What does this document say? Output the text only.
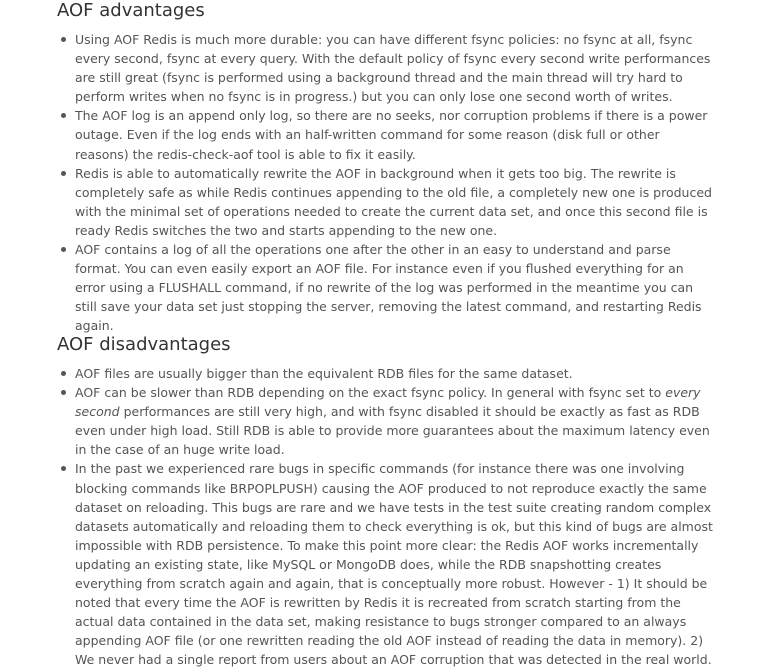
AOF advantages
Using AOF Redis is much more durable: you can have different fsync policies: no fsync at all, fsync every second, fsync at every query. With the default policy of fsync every second write performances are still great (fsync is performed using a background thread and the main thread will try hard to perform writes when no fsync is in progress.) but you can only lose one second worth of writes.
The AOF log is an append only log, so there are no seeks, nor corruption problems if there is a power outage. Even if the log ends with an half-written command for some reason (disk full or other reasons) the redis-check-aof tool is able to fix it easily.
Redis is able to automatically rewrite the AOF in background when it gets too big. The rewrite is completely safe as while Redis continues appending to the old file, a completely new one is produced with the minimal set of operations needed to create the current data set, and once this second file is ready Redis switches the two and starts appending to the new one.
AOF contains a log of all the operations one after the other in an easy to understand and parse format. You can even easily export an AOF file. For instance even if you flushed everything for an error using a FLUSHALL command, if no rewrite of the log was performed in the meantime you can still save your data set just stopping the server, removing the latest command, and restarting Redis again.
AOF disadvantages
AOF files are usually bigger than the equivalent RDB files for the same dataset.
AOF can be slower than RDB depending on the exact fsync policy. In general with fsync set to every second performances are still very high, and with fsync disabled it should be exactly as fast as RDB even under high load. Still RDB is able to provide more guarantees about the maximum latency even in the case of an huge write load.
In the past we experienced rare bugs in specific commands (for instance there was one involving blocking commands like BRPOPLPUSH) causing the AOF produced to not reproduce exactly the same dataset on reloading. This bugs are rare and we have tests in the test suite creating random complex datasets automatically and reloading them to check everything is ok, but this kind of bugs are almost impossible with RDB persistence. To make this point more clear: the Redis AOF works incrementally updating an existing state, like MySQL or MongoDB does, while the RDB snapshotting creates everything from scratch again and again, that is conceptually more robust. However - 1) It should be noted that every time the AOF is rewritten by Redis it is recreated from scratch starting from the actual data contained in the data set, making resistance to bugs stronger compared to an always appending AOF file (or one rewritten reading the old AOF instead of reading the data in memory). 2) We never had a single report from users about an AOF corruption that was detected in the real world.
